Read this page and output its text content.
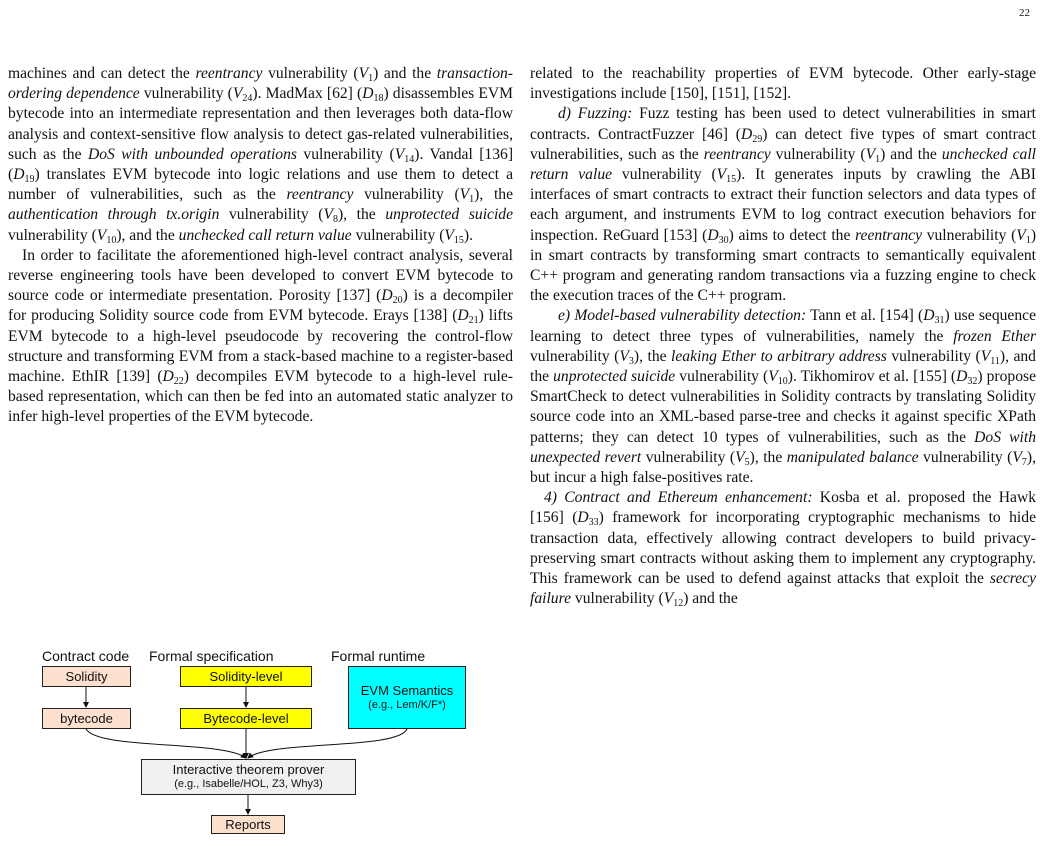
22

machines and can detect the reentrancy vulnerability $(V_1)$ and the transaction-ordering dependence vulnerability $(V_{24})$. MadMax [62] $(D_{18})$ disassembles EVM bytecode into an intermediate representation and then leverages both data-flow analysis and context-sensitive flow analysis to detect gas-related vulnerabilities, such as the DoS with unbounded operations vulnerability $(V_{14})$. Vandal [136] $(D_{19})$ translates EVM bytecode into logic relations and use them to detect a number of vulnerabilities, such as the reentrancy vulnerability $(V_1)$, the authentication through tx.origin vulnerability $(V_8)$, the unprotected suicide vulnerability $(V_{10})$, and the unchecked call return value vulnerability $(V_{15})$.

In order to facilitate the aforementioned high-level contract analysis, several reverse engineering tools have been developed to convert EVM bytecode to source code or intermediate presentation. Porosity [137] $(D_{20})$ is a decompiler for producing Solidity source code from EVM bytecode. Erays [138] $(D_{21})$ lifts EVM bytecode to a high-level pseudocode by recovering the control-flow structure and transforming EVM from a stack-based machine to a register-based machine. EthIR [139] $(D_{22})$ decompiles EVM bytecode to a high-level rule-based representation, which can then be fed into an automated static analyzer to infer high-level properties of the EVM bytecode.

Contract code Formal specification	Formal runtime
Solidity
bytecode
Solidity-level
Bytecode-level
EVM Semantics
(e.g., Lem/K/F*)
Interactive theorem prover
(e.g., Isabelle/HOL, Z3, Why3)
Reports

related to the reachability properties of EVM bytecode. Other early-stage investigations include [150], [151], [152].

d) Fuzzing: Fuzz testing has been used to detect vulnerabilities in smart contracts. ContractFuzzer [46] $(D_{29})$ can detect five types of smart contract vulnerabilities, such as the reentrancy vulnerability $(V_1)$ and the unchecked call return value vulnerability $(V_{15})$. It generates inputs by crawling the ABI interfaces of smart contracts to extract their function selectors and data types of each argument, and instruments EVM to log contract execution behaviors for inspection. ReGuard [153] $(D_{30})$ aims to detect the reentrancy vulnerability $(V_1)$ in smart contracts by transforming smart contracts to semantically equivalent C++ program and generating random transactions via a fuzzing engine to check the execution traces of the C++ program.

e) Model-based vulnerability detection: Tann et al. [154] $(D_{31})$ use sequence learning to detect three types of vulnerabilities, namely the frozen Ether vulnerability $(V_3)$, the leaking Ether to arbitrary address vulnerability $(V_{11})$, and the unprotected suicide vulnerability $(V_{10})$. Tikhomirov et al. [155] $(D_{32})$ propose SmartCheck to detect vulnerabilities in Solidity contracts by translating Solidity source code into an XML-based parse-tree and checks it against specific XPath patterns; they can detect 10 types of vulnerabilities, such as the DoS with unexpected revert vulnerability $(V_5)$, the manipulated balance vulnerability $(V_7)$, but incur a high false-positives rate.

4) Contract and Ethereum enhancement: Kosba et al. proposed the Hawk [156] $(D_{33})$ framework for incorporating cryptographic mechanisms to hide transaction data, effectively allowing contract developers to build privacy-preserving smart contracts without asking them to implement any cryptography. This framework can be used to defend against attacks that exploit the secrecy failure vulnerability $(V_{12})$ and the
